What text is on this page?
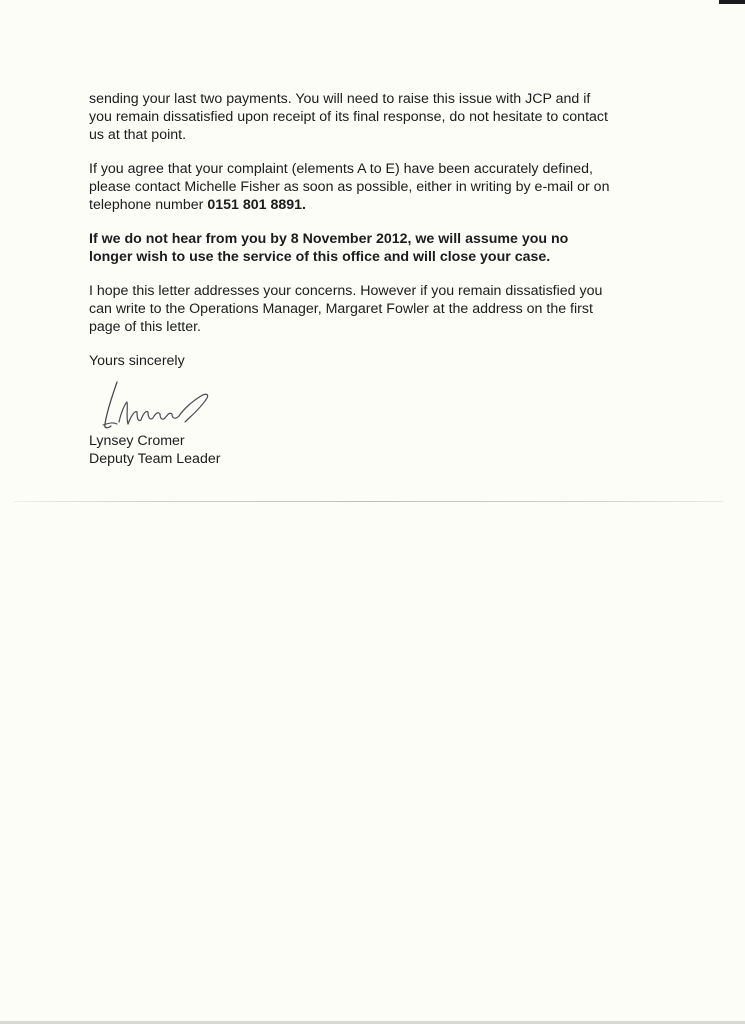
sending your last two payments. You will need to raise this issue with JCP and if
you remain dissatisfied upon receipt of its final response, do not hesitate to contact
us at that point.

If you agree that your complaint (elements A to E) have been accurately defined,
please contact Michelle Fisher as soon as possible, either in writing by e-mail or on
telephone number 0151 801 8891.

If we do not hear from you by 8 November 2012, we will assume you no
longer wish to use the service of this office and will close your case.

I hope this letter addresses your concerns. However if you remain dissatisfied you
can write to the Operations Manager, Margaret Fowler at the address on the first
page of this letter.

Yours sincerely

Lynsey Cromer
Deputy Team Leader
